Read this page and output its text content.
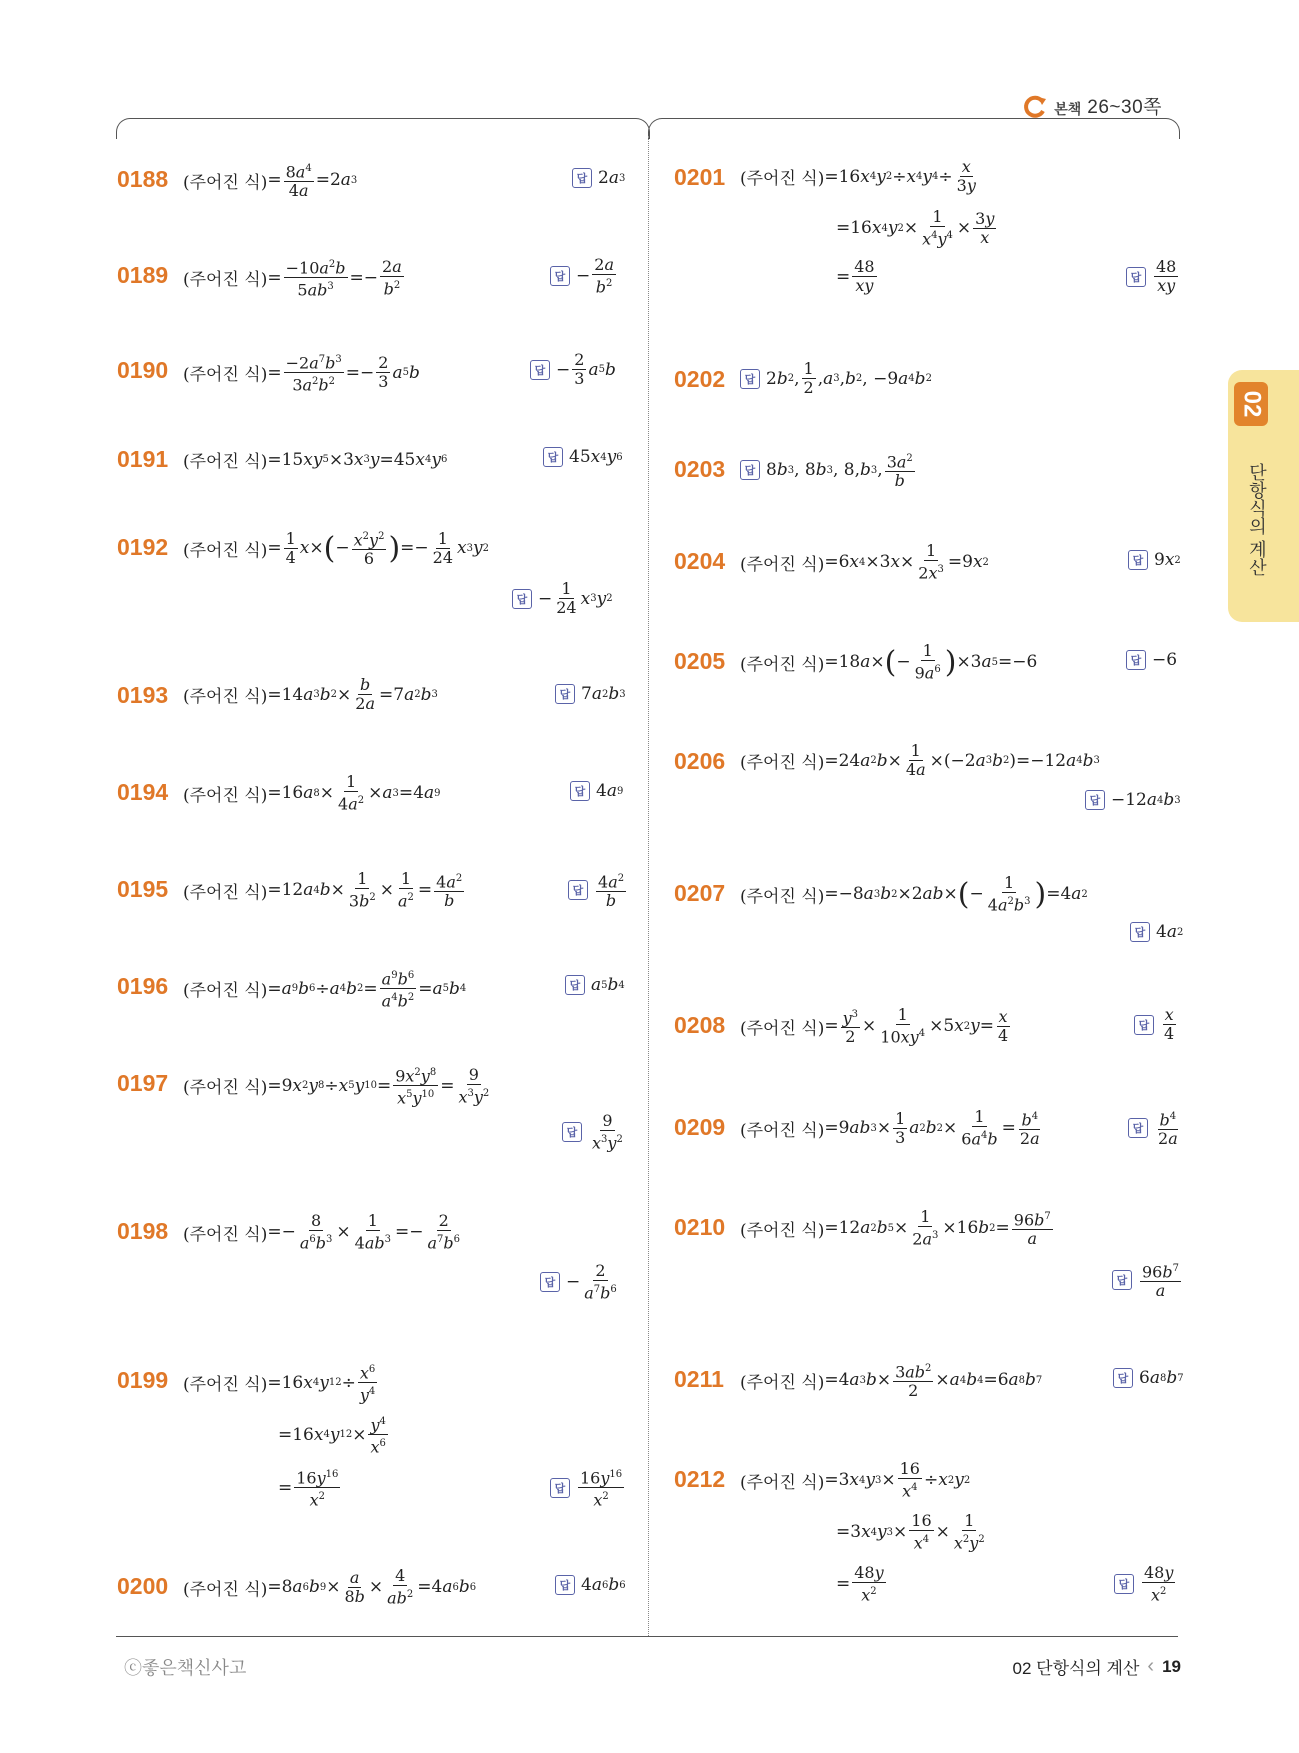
본책 26~30쪽
02
단항식의 계산
0188 (주어진 식) = $\frac{8a^4}{4a} =2$ a 3	답 2 a 3
0189 (주어진 식) = $\frac{-10a^2b}{5ab^3} =- \frac{2a}{b^2}$	답 − $\frac{2a}{b^2}$
0190 (주어진 식) = $\frac{-2a^7b^3}{3a^2b^2} =- \frac{2}{3}$ a 5 b	답 − $\frac{2}{3}$ a 5 b
0191 (주어진 식) =15 xy 5 ×3 x 3 y =45 x 4 y 6	답 45 x 4 y 6
0192 (주어진 식) = $\frac{1}{4}$ x × ( − $\frac{x^2y^2}{6}$ ) =− $\frac{1}{24}$ x 3 y 2
답 − $\frac{1}{24}$ x 3 y 2
0193 (주어진 식) =14 a 3 b $2 \times \frac{b}{2a} =7$ a 2 b 3	답 7 a 2 b 3
0194 (주어진 식) =16 a $8 \times \frac{1}{4a^2} \times a$ 3 =4 a 9	답 4 a 9
0195 (주어진 식) =12 a 4 $b \times \frac{1}{3b^2} \times \frac{1}{a^2} = \frac{4a^2}{b}$	답 $\frac{4a^2}{b}$
0196 (주어진 식) = a 9 b 6 ÷ a 4 b $2 = \frac{a^9b^6}{a^4b^2} = a$ 5 b 4	답 a 5 b 4
0197 (주어진 식) =9 x 2 y 8 ÷ x 5 y $10 = \frac{9x^2y^8}{x^5y^{10}} = \frac{9}{x^3y^2}$
답 $\frac{9}{x^3y^2}$
0198 (주어진 식) =− $\frac{8}{a^6b^3} \times \frac{1}{4ab^3} =- \frac{2}{a^7b^6}$
답 − $\frac{2}{a^7b^6}$
0199 (주어진 식) =16 x 4 y $12 \div \frac{x^6}{y^4}$
=16 x 4 y $12 \times \frac{y^4}{x^6}$
= $\frac{16y^{16}}{x^2}$	답 $\frac{16y^{16}}{x^2}$
0200 (주어진 식) =8 a 6 b $9 \times \frac{a}{8b} \times \frac{4}{ab^2} =4$ a 6 b 6	답 4 a 6 b 6
0201 (주어진 식) =16 x 4 y 2 ÷ x 4 y $4 \div \frac{x}{3y}$
=16 x 4 y $2 \times \frac{1}{x^4y^4} \times \frac{3y}{x}$
= $\frac{48}{xy}$	답 $\frac{48}{xy}$
0202	답 2 b 2 , $\frac{1}{2}$ , a 3 , b 2 , −9 a 4 b 2
0203	답 8 b 3 , 8 b 3 , 8, b 3 , $\frac{3a^2}{b}$
0204 (주어진 식) =6 x 4 ×3 $x \times \frac{1}{2x^3} =9$ x 2	답 9 x 2
0205 (주어진 식) =18 a × ( − $\frac{1}{9a^6}$ ) ×3 a 5 =−6	답 −6
0206 (주어진 식) =24 a 2 $b \times \frac{1}{4a} \times(-2$ a 3 b 2 )=−12 a 4 b 3
답 −12 a 4 b 3
0207 (주어진 식) =−8 a 3 b 2 ×2 ab × ( − $\frac{1}{4a^2b^3}$ ) =4 a 2
답 4 a 2
0208 (주어진 식) = $\frac{y^3}{2} \times \frac{1}{10xy^4} \times 5$ x 2 $y = \frac{x}{4}$	답 $\frac{x}{4}$
0209 (주어진 식) =9 ab $3 \times \frac{1}{3}$ a 2 b $2 \times \frac{1}{6a^4b} = \frac{b^4}{2a}$	답 $\frac{b^4}{2a}$
0210 (주어진 식) =12 a 2 b $5 \times \frac{1}{2a^3} \times 16$ b $2 = \frac{96b^7}{a}$
답 $\frac{96b^7}{a}$
0211 (주어진 식) =4 a 3 $b \times \frac{3ab^2}{2} \times a$ 4 b 4 =6 a 8 b 7	답 6 a 8 b 7
0212 (주어진 식) =3 x 4 y $3 \times \frac{16}{x^4} \div x$ 2 y 2
=3 x 4 y $3 \times \frac{16}{x^4} \times \frac{1}{x^2y^2}$
= $\frac{48y}{x^2}$	답 $\frac{48y}{x^2}$
ⓒ좋은책신사고	02 단항식의 계산 ‹ 19
